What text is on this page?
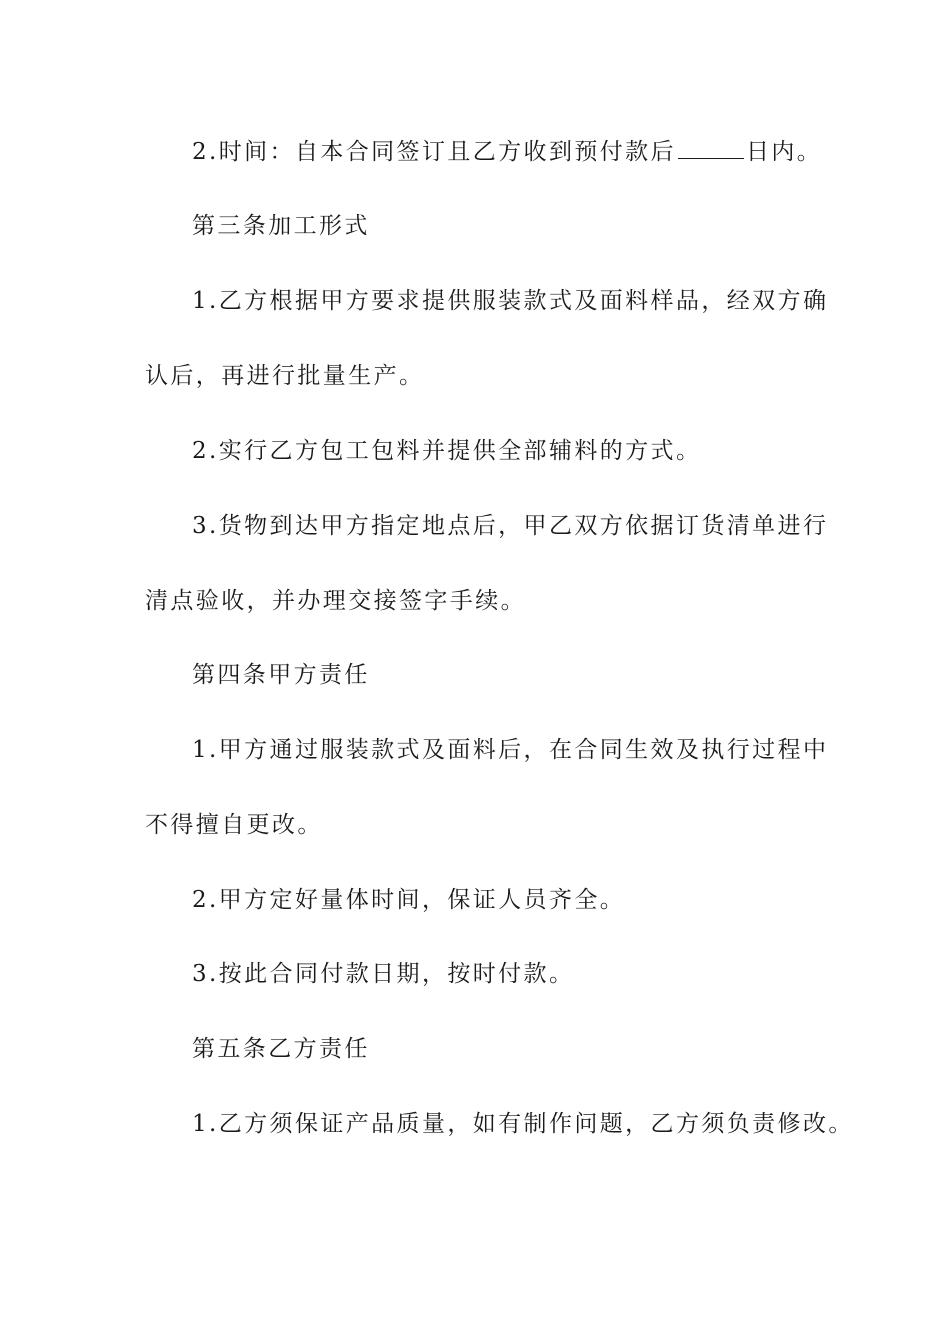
2.时间：自本合同签订且乙方收到预付款后	日内。
第三条加工形式
1.乙方根据甲方要求提供服装款式及面料样品，经双方确
认后，再进行批量生产。
2.实行乙方包工包料并提供全部辅料的方式。
3.货物到达甲方指定地点后，甲乙双方依据订货清单进行
清点验收，并办理交接签字手续。
第四条甲方责任
1.甲方通过服装款式及面料后，在合同生效及执行过程中
不得擅自更改。
2.甲方定好量体时间，保证人员齐全。
3.按此合同付款日期，按时付款。
第五条乙方责任
1.乙方须保证产品质量，如有制作问题，乙方须负责修改。
